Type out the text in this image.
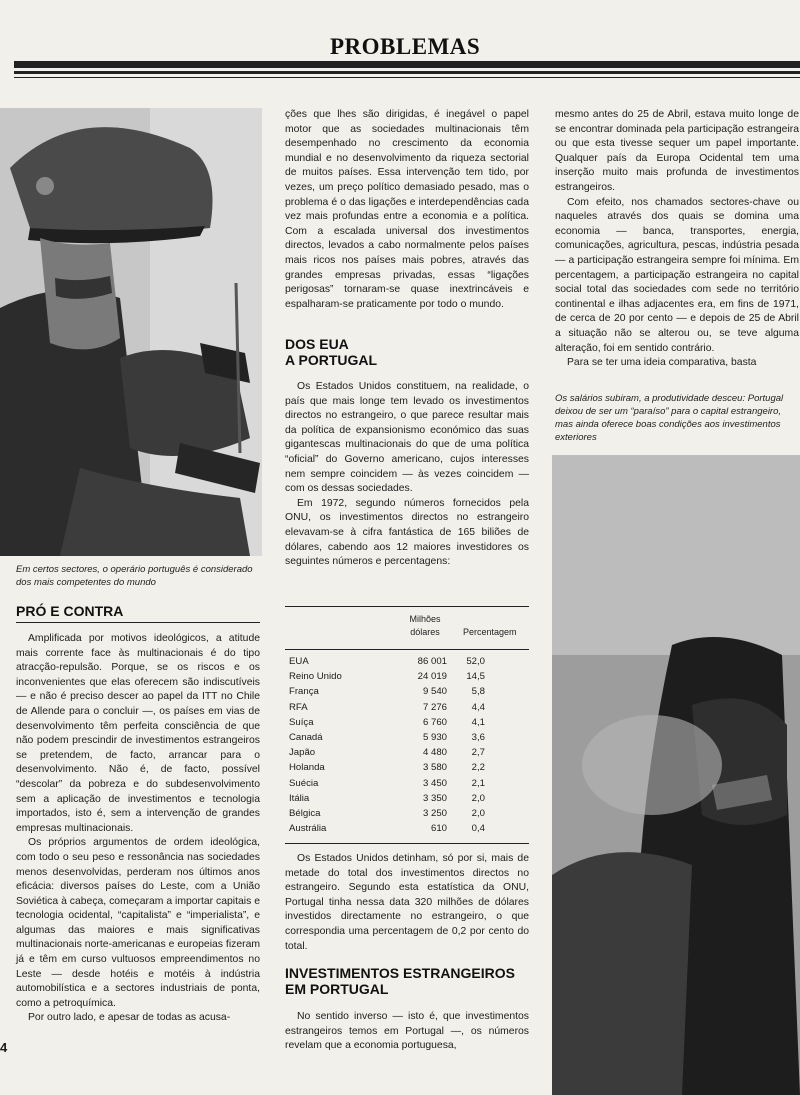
PROBLEMAS
Em certos sectores, o operário português é considerado dos mais competentes do mundo
Os salários subiram, a produtividade desceu: Portugal deixou de ser um “paraíso” para o capital estrangeiro, mas ainda oferece boas condições aos investimentos exteriores
PRÓ E CONTRA

Amplificada por motivos ideológicos, a atitude mais corrente face às multinacionais é do tipo atracção-repulsão. Porque, se os riscos e os inconvenientes que elas oferecem são indiscutíveis — e não é preciso descer ao papel da ITT no Chile de Allende para o concluir —, os países em vias de desenvolvimento têm perfeita consciência de que não podem prescindir de investimentos estrangeiros se pretendem, de facto, arrancar para o desenvolvimento. Não é, de facto, possível “descolar” da pobreza e do subdesenvolvimento sem a aplicação de investimentos e tecnologia importados, isto é, sem a intervenção de grandes empresas multinacionais.

Os próprios argumentos de ordem ideológica, com todo o seu peso e ressonância nas sociedades menos desenvolvidas, perderam nos últimos anos eficácia: diversos países do Leste, com a União Soviética à cabeça, começaram a importar capitais e tecnologia ocidental, “capitalista” e “imperialista”, e algumas das maiores e mais significativas multinacionais norte-americanas e europeias fizeram já e têm em curso vultuosos empreendimentos no Leste — desde hotéis e motéis à indústria automobilística e a sectores industriais de ponta, como a petroquímica.

Por outro lado, e apesar de todas as acusa-

4

ções que lhes são dirigidas, é inegável o papel motor que as sociedades multinacionais têm desempenhado no crescimento da economia mundial e no desenvolvimento da riqueza sectorial de muitos países. Essa intervenção tem tido, por vezes, um preço político demasiado pesado, mas o problema é o das ligações e interdependências cada vez mais profundas entre a economia e a política. Com a escalada universal dos investimentos directos, levados a cabo normalmente pelos países mais ricos nos países mais pobres, através das grandes empresas privadas, essas “ligações perigosas” tornaram-se quase inextrincáveis e espalharam-se praticamente por todo o mundo.

DOS EUA
A PORTUGAL

Os Estados Unidos constituem, na realidade, o país que mais longe tem levado os investimentos directos no estrangeiro, o que parece resultar mais da política de expansionismo económico das suas gigantescas multinacionais do que de uma política “oficial” do Governo americano, cujos interesses nem sempre coincidem — às vezes coincidem — com os dessas sociedades.

Em 1972, segundo números fornecidos pela ONU, os investimentos directos no estrangeiro elevavam-se à cifra fantástica de 165 biliões de dólares, cabendo aos 12 maiores investidores os seguintes números e percentagens:

Milhões
dólares	Percentagem
EUA	86 001	52,0
Reino Unido	24 019	14,5
França	9 540	5,8
RFA	7 276	4,4
Suíça	6 760	4,1
Canadá	5 930	3,6
Japão	4 480	2,7
Holanda	3 580	2,2
Suécia	3 450	2,1
Itália	3 350	2,0
Bélgica	3 250	2,0
Austrália	610	0,4

Os Estados Unidos detinham, só por si, mais de metade do total dos investimentos directos no estrangeiro. Segundo esta estatística da ONU, Portugal tinha nessa data 320 milhões de dólares investidos directamente no estrangeiro, o que correspondia uma percentagem de 0,2 por cento do total.

INVESTIMENTOS ESTRANGEIROS
EM PORTUGAL

No sentido inverso — isto é, que investimentos estrangeiros temos em Portugal —, os números revelam que a economia portuguesa,

mesmo antes do 25 de Abril, estava muito longe de se encontrar dominada pela participação estrangeira ou que esta tivesse sequer um papel importante. Qualquer país da Europa Ocidental tem uma inserção muito mais profunda de investimentos estrangeiros.

Com efeito, nos chamados sectores-chave ou naqueles através dos quais se domina uma economia — banca, transportes, energia, comunicações, agricultura, pescas, indústria pesada — a participação estrangeira sempre foi mínima. Em percentagem, a participação estrangeira no capital social total das sociedades com sede no território continental e ilhas adjacentes era, em fins de 1971, de cerca de 20 por cento — e depois de 25 de Abril a situação não se alterou ou, se teve alguma alteração, foi em sentido contrário.

Para se ter uma ideia comparativa, basta
